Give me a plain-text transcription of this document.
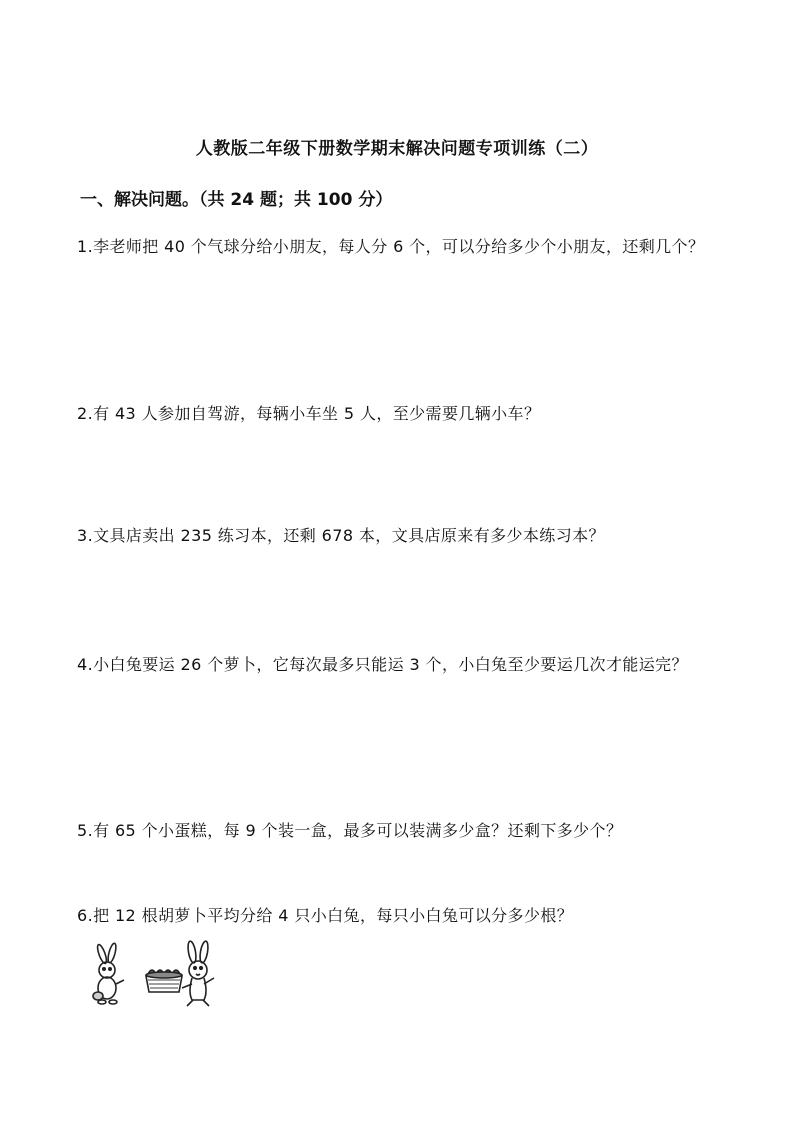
人教版二年级下册数学期末解决问题专项训练（二）
一、解决问题。（共 24 题；共 100 分）
1.李老师把 40 个气球分给小朋友，每人分 6 个，可以分给多少个小朋友，还剩几个？
2.有 43 人参加自驾游，每辆小车坐 5 人，至少需要几辆小车？
3.文具店卖出 235 练习本，还剩 678 本，文具店原来有多少本练习本？
4.小白兔要运 26 个萝卜，它每次最多只能运 3 个，小白兔至少要运几次才能运完？
5.有 65 个小蛋糕，每 9 个装一盒，最多可以装满多少盒？还剩下多少个？
6.把 12 根胡萝卜平均分给 4 只小白兔，每只小白兔可以分多少根？
